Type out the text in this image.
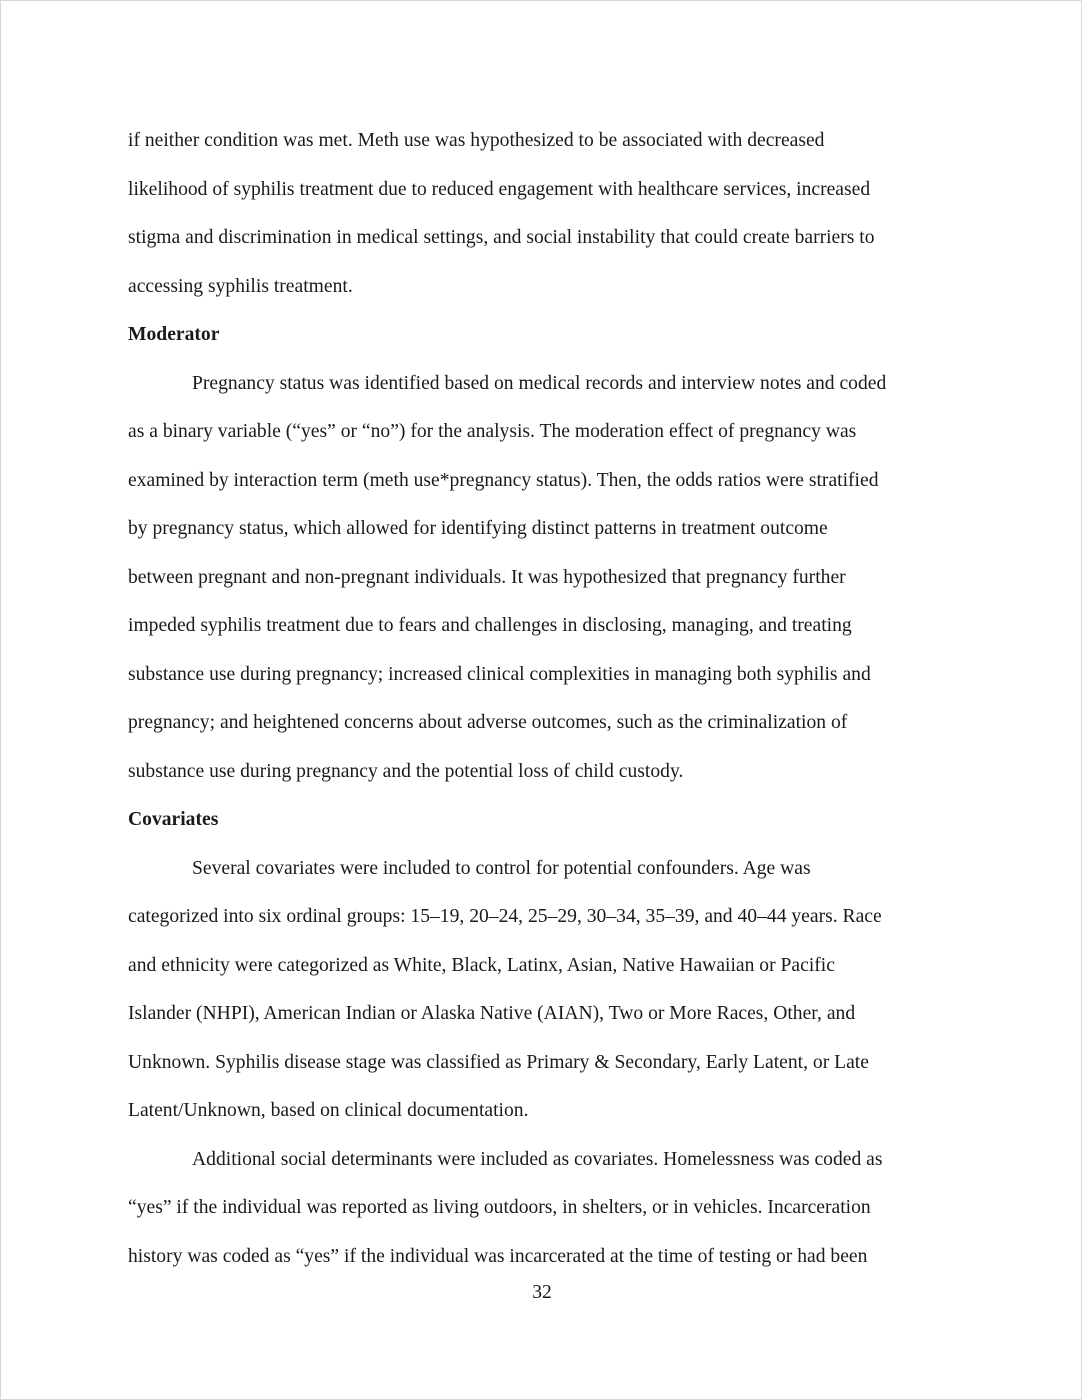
if neither condition was met. Meth use was hypothesized to be associated with decreased
likelihood of syphilis treatment due to reduced engagement with healthcare services, increased
stigma and discrimination in medical settings, and social instability that could create barriers to
accessing syphilis treatment.

Moderator

Pregnancy status was identified based on medical records and interview notes and coded
as a binary variable (“yes” or “no”) for the analysis. The moderation effect of pregnancy was
examined by interaction term (meth use*pregnancy status). Then, the odds ratios were stratified
by pregnancy status, which allowed for identifying distinct patterns in treatment outcome
between pregnant and non-pregnant individuals. It was hypothesized that pregnancy further
impeded syphilis treatment due to fears and challenges in disclosing, managing, and treating
substance use during pregnancy; increased clinical complexities in managing both syphilis and
pregnancy; and heightened concerns about adverse outcomes, such as the criminalization of
substance use during pregnancy and the potential loss of child custody.

Covariates

Several covariates were included to control for potential confounders. Age was
categorized into six ordinal groups: 15–19, 20–24, 25–29, 30–34, 35–39, and 40–44 years. Race
and ethnicity were categorized as White, Black, Latinx, Asian, Native Hawaiian or Pacific
Islander (NHPI), American Indian or Alaska Native (AIAN), Two or More Races, Other, and
Unknown. Syphilis disease stage was classified as Primary & Secondary, Early Latent, or Late
Latent/Unknown, based on clinical documentation.

Additional social determinants were included as covariates. Homelessness was coded as
“yes” if the individual was reported as living outdoors, in shelters, or in vehicles. Incarceration
history was coded as “yes” if the individual was incarcerated at the time of testing or had been

32
